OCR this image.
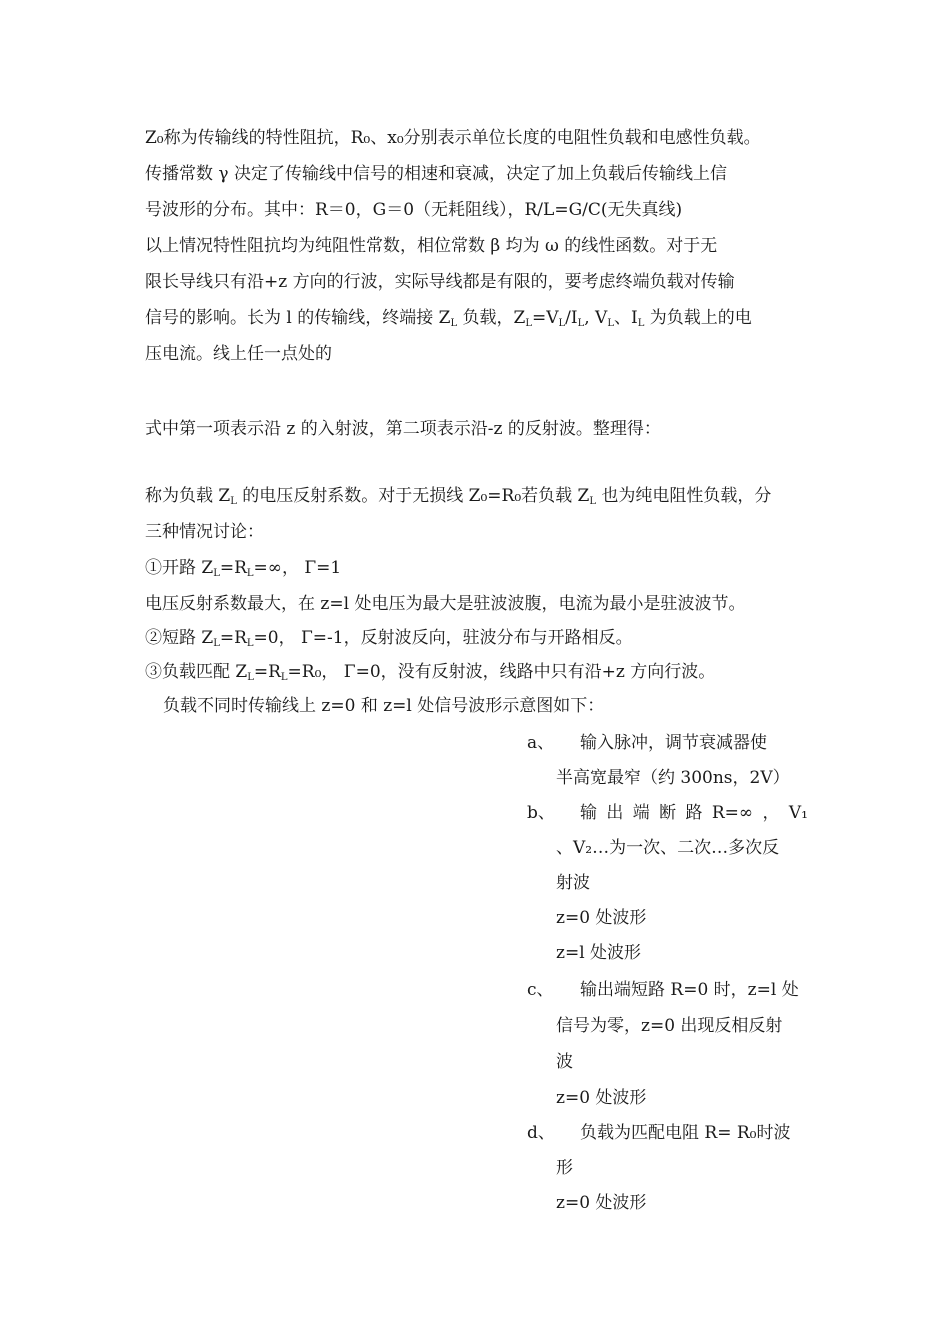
Z₀称为传输线的特性阻抗，R₀、x₀分别表示单位长度的电阻性负载和电感性负载。
传播常数 γ 决定了传输线中信号的相速和衰减，决定了加上负载后传输线上信
号波形的分布。其中：R＝0，G＝0（无耗阻线），R/L=G/C(无失真线)
以上情况特性阻抗均为纯阻性常数，相位常数 β 均为 ω 的线性函数。对于无
限长导线只有沿+z 方向的行波，实际导线都是有限的，要考虑终端负载对传输
信号的影响。长为 l 的传输线，终端接 $Z_L$ 负载，$Z_L=V_L/I_L$, $V_L$、$I_L$ 为负载上的电
压电流。线上任一点处的
式中第一项表示沿 z 的入射波，第二项表示沿-z 的反射波。整理得：
称为负载 $Z_L$ 的电压反射系数。对于无损线 Z₀=R₀若负载 $Z_L$ 也为纯电阻性负载，分
三种情况讨论：
①开路 $Z_L=R_L=\infty$， Γ=1
电压反射系数最大，在 z=l 处电压为最大是驻波波腹，电流为最小是驻波波节。
②短路 $Z_L=R_L=0$， Γ=-1，反射波反向，驻波分布与开路相反。
③负载匹配 $Z_L=R_L=R_0$， Γ=0，没有反射波，线路中只有沿+z 方向行波。
负载不同时传输线上 z=0 和 z=l 处信号波形示意图如下：
a、 输入脉冲，调节衰减器使
半高宽最窄（约 300ns，2V）
b、 输 出 端 断 路 R=∞ ， V₁
、V₂…为一次、二次…多次反
射波
z=0 处波形
z=l 处波形
c、 输出端短路 R=0 时，z=l 处
信号为零，z=0 出现反相反射
波
z=0 处波形
d、 负载为匹配电阻 R= R₀时波
形
z=0 处波形
